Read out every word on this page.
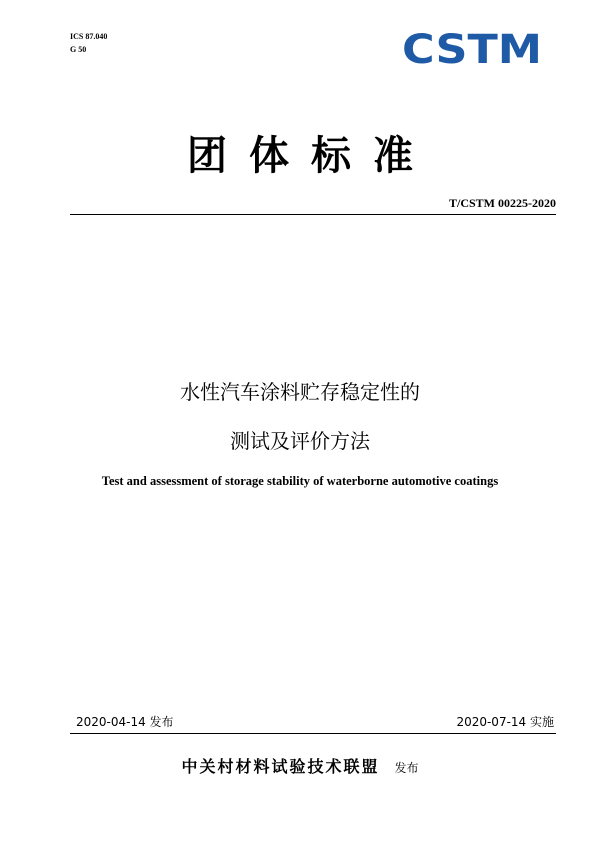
ICS 87.040
G 50	CSTM
团体标准
T/CSTM 00225-2020
水性汽车涂料贮存稳定性的
测试及评价方法
Test and assessment of storage stability of waterborne automotive coatings
2020-04-14 发布	2020-07-14 实施
中关村材料试验技术联盟 发布
